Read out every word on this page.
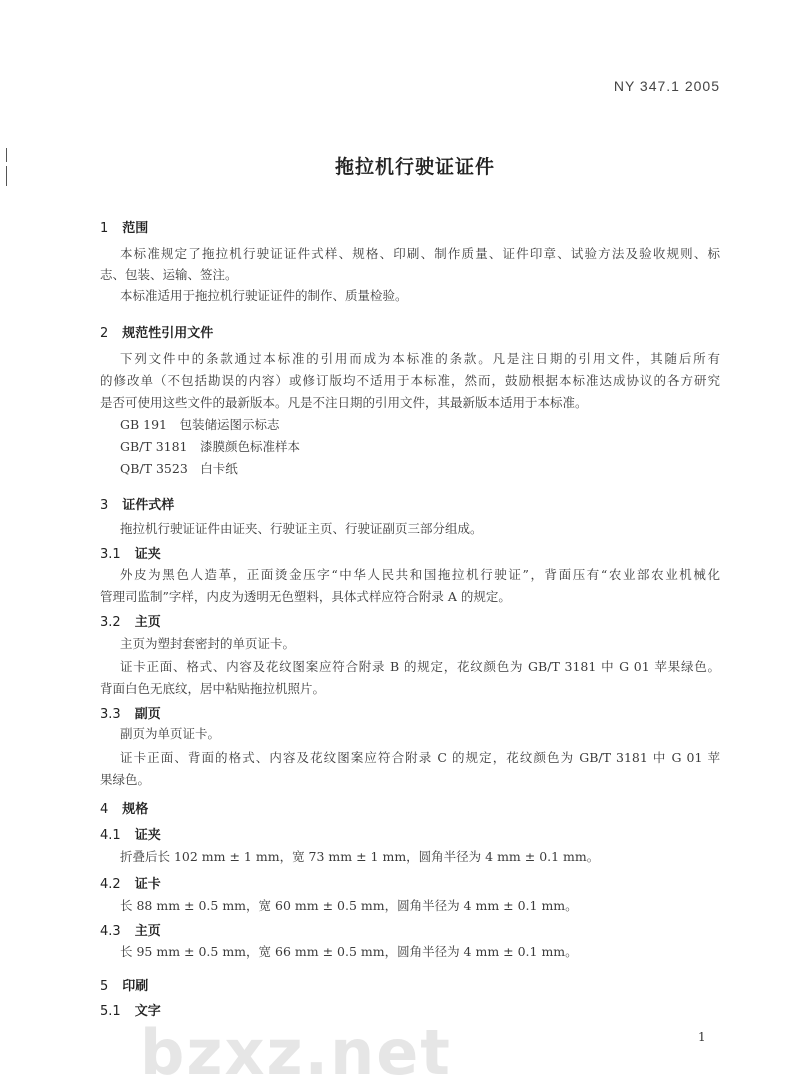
NY 347.1 2005
拖拉机行驶证证件
1 范围
本标准规定了拖拉机行驶证证件式样、规格、印刷、制作质量、证件印章、试验方法及验收规则、标
志、包装、运输、签注。
本标准适用于拖拉机行驶证证件的制作、质量检验。
2 规范性引用文件
下列文件中的条款通过本标准的引用而成为本标准的条款。凡是注日期的引用文件，其随后所有
的修改单（不包括勘误的内容）或修订版均不适用于本标准，然而，鼓励根据本标准达成协议的各方研究
是否可使用这些文件的最新版本。凡是不注日期的引用文件，其最新版本适用于本标准。
GB 191　包装储运图示标志
GB/T 3181　漆膜颜色标准样本
QB/T 3523　白卡纸
3 证件式样
拖拉机行驶证证件由证夹、行驶证主页、行驶证副页三部分组成。
3.1 证夹
外皮为黑色人造革，正面烫金压字“中华人民共和国拖拉机行驶证”，背面压有“农业部农业机械化
管理司监制”字样，内皮为透明无色塑料，具体式样应符合附录 A 的规定。
3.2 主页
主页为塑封套密封的单页证卡。
证卡正面、格式、内容及花纹图案应符合附录 B 的规定，花纹颜色为 GB/T 3181 中 G 01 苹果绿色。
背面白色无底纹，居中粘贴拖拉机照片。
3.3 副页
副页为单页证卡。
证卡正面、背面的格式、内容及花纹图案应符合附录 C 的规定，花纹颜色为 GB/T 3181 中 G 01 苹
果绿色。
4 规格
4.1 证夹
折叠后长 102 mm ± 1 mm，宽 73 mm ± 1 mm，圆角半径为 4 mm ± 0.1 mm。
4.2 证卡
长 88 mm ± 0.5 mm，宽 60 mm ± 0.5 mm，圆角半径为 4 mm ± 0.1 mm。
4.3 主页
长 95 mm ± 0.5 mm，宽 66 mm ± 0.5 mm，圆角半径为 4 mm ± 0.1 mm。
5 印刷
5.1 文字
bzxz.net	1
